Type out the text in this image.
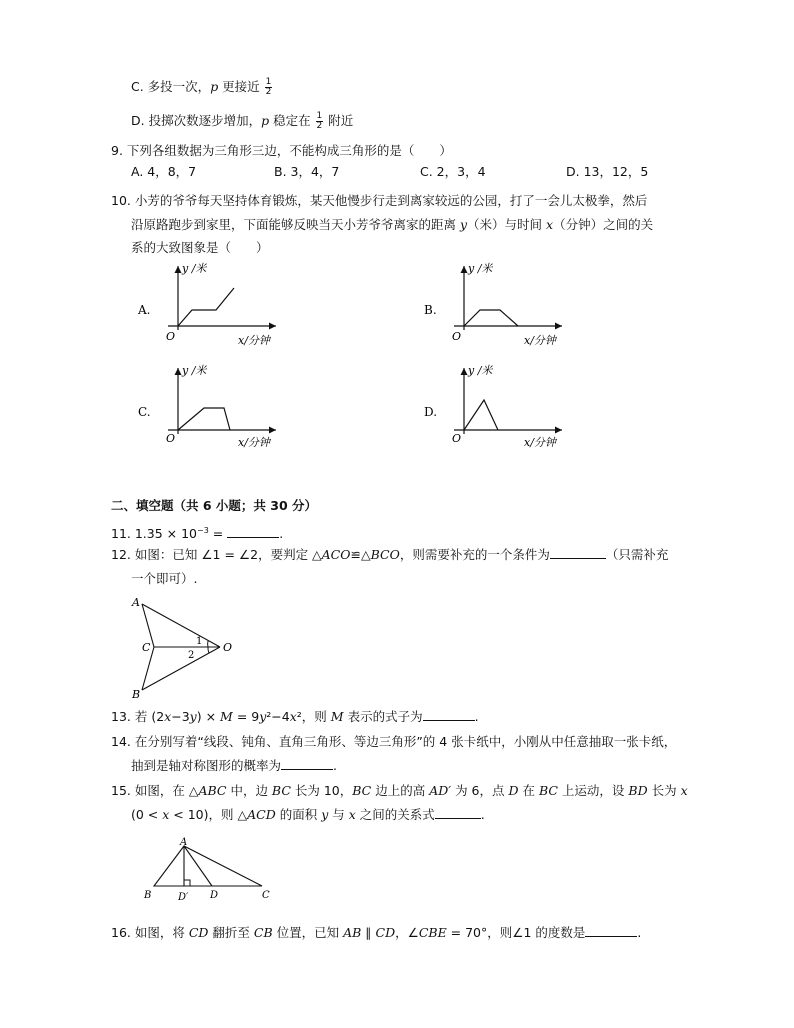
C. 多投一次，p 更接近 $\frac{1}{2}$
D. 投掷次数逐步增加，p 稳定在 $\frac{1}{2}$ 附近
9. 下列各组数据为三角形三边，不能构成三角形的是（　　）
A. 4，8，7	B. 3，4，7	C. 2，3，4	D. 13，12，5
10. 小芳的爷爷每天坚持体育锻炼，某天他慢步行走到离家较远的公园，打了一会儿太极拳，然后
沿原路跑步到家里，下面能够反映当天小芳爷爷离家的距离 y（米）与时间 x（分钟）之间的关
系的大致图象是（　　）
A.
y /米
x/分钟
O
B.
y /米
x/分钟
O
C.
y /米
x/分钟
O
D.
y /米
x/分钟
O
二、填空题（共 6 小题；共 30 分）
11. $1.35 \times 10^{-3}$ =	.
12. 如图：已知 ∠1 = ∠2，要判定 △ACO≌△BCO，则需要补充的一个条件为	（只需补充
一个即可）.
A
C
B
O
1
2
13. 若 (2x−3y) × M = 9y²−4x²，则 M 表示的式子为	.
14. 在分别写着“线段、钝角、直角三角形、等边三角形”的 4 张卡纸中，小刚从中任意抽取一张卡纸，
抽到是轴对称图形的概率为	.
15. 如图，在 △ABC 中，边 BC 长为 10，BC 边上的高 AD′ 为 6，点 D 在 BC 上运动，设 BD 长为 x
(0 < x < 10)，则 △ACD 的面积 y 与 x 之间的关系式	.
A
B	D′ D	C
16. 如图，将 CD 翻折至 CB 位置，已知 AB ∥ CD，∠CBE = 70°，则∠1 的度数是	.
